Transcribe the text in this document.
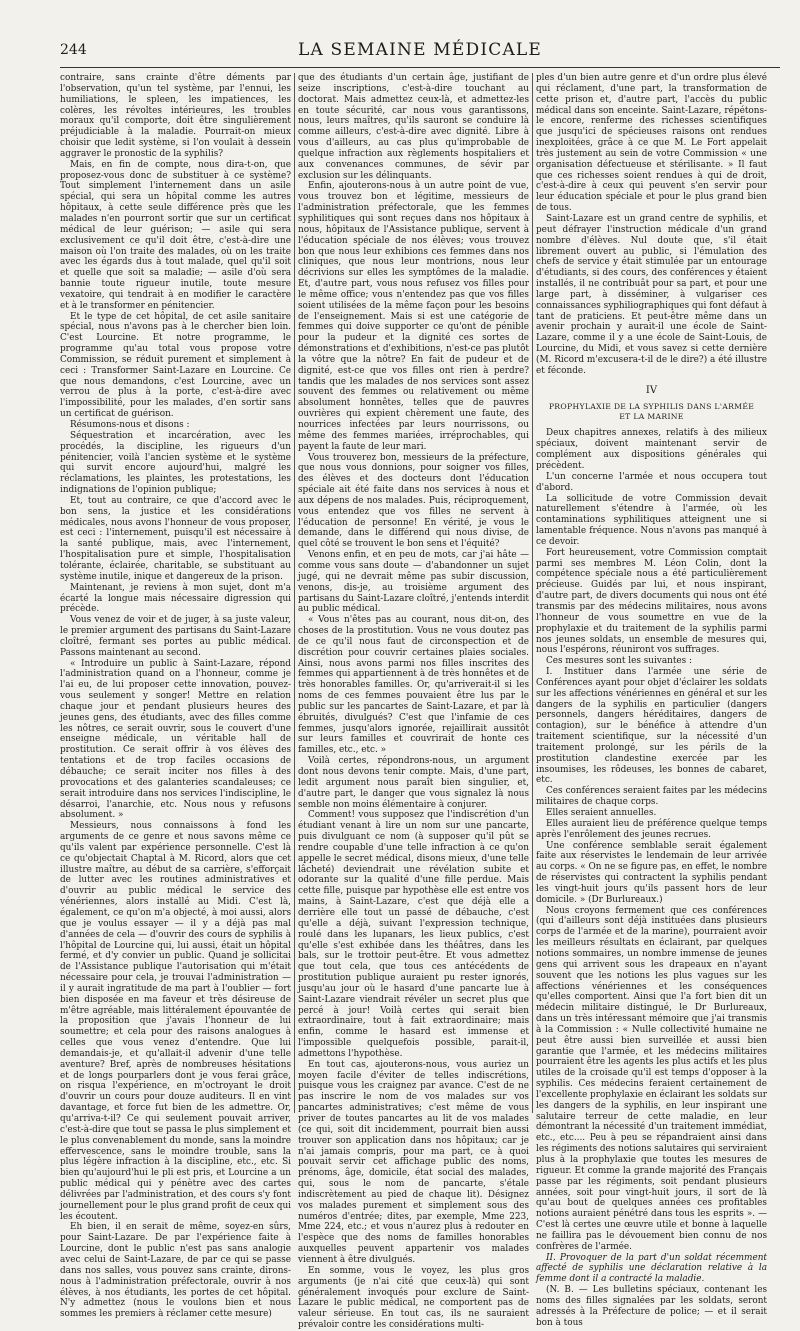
244	LA SEMAINE MÉDICALE

contraire, sans crainte d'être déments par l'observation, qu'un tel système, par l'ennui, les humiliations, le spleen, les impatiences, les colères, les révoltes intérieures, les troubles moraux qu'il comporte, doit être singulièrement préjudiciable à la maladie. Pourrait-on mieux choisir que ledit système, si l'on voulait à dessein aggraver le pronostic de la syphilis?

Mais, en fin de compte, nous dira-t-on, que proposez-vous donc de substituer à ce système? Tout simplement l'internement dans un asile spécial, qui sera un hôpital comme les autres hôpitaux, à cette seule différence près que les malades n'en pourront sortir que sur un certificat médical de leur guérison; — asile qui sera exclusivement ce qu'il doit être, c'est-à-dire une maison où l'on traite des malades, où on les traite avec les égards dus à tout malade, quel qu'il soit et quelle que soit sa maladie; — asile d'où sera bannie toute rigueur inutile, toute mesure vexatoire, qui tendrait à en modifier le caractère et à le transformer en pénitencier.

Et le type de cet hôpital, de cet asile sanitaire spécial, nous n'avons pas à le chercher bien loin. C'est Lourcine. Et notre programme, le programme qu'au total vous propose votre Commission, se réduit purement et simplement à ceci : Transformer Saint-Lazare en Lourcine. Ce que nous demandons, c'est Lourcine, avec un verrou de plus à la porte, c'est-à-dire avec l'impossibilité, pour les malades, d'en sortir sans un certificat de guérison.

Résumons-nous et disons :

Séquestration et incarcération, avec les procédés, la discipline, les rigueurs d'un pénitencier, voilà l'ancien système et le système qui survit encore aujourd'hui, malgré les réclamations, les plaintes, les protestations, les indignations de l'opinion publique;

Et, tout au contraire, ce que d'accord avec le bon sens, la justice et les considérations médicales, nous avons l'honneur de vous proposer, est ceci : l'internement, puisqu'il est nécessaire à la santé publique, mais, avec l'internement, l'hospitalisation pure et simple, l'hospitalisation tolérante, éclairée, charitable, se substituant au système inutile, inique et dangereux de la prison.

Maintenant, je reviens à mon sujet, dont m'a écarté la longue mais nécessaire digression qui précède.

Vous venez de voir et de juger, à sa juste valeur, le premier argument des partisans du Saint-Lazare cloîtré, fermant ses portes au public médical. Passons maintenant au second.

« Introduire un public à Saint-Lazare, répond l'administration quand on a l'honneur, comme je l'ai eu, de lui proposer cette innovation, pouvez-vous seulement y songer! Mettre en relation chaque jour et pendant plusieurs heures des jeunes gens, des étudiants, avec des filles comme les nôtres, ce serait ouvrir, sous le couvert d'une enseigne médicale, un véritable hall de prostitution. Ce serait offrir à vos élèves des tentations et de trop faciles occasions de débauche; ce serait inciter nos filles à des provocations et des galanteries scandaleuses; ce serait introduire dans nos services l'indiscipline, le désarroi, l'anarchie, etc. Nous nous y refusons absolument. »

Messieurs, nous connaissons à fond les arguments de ce genre et nous savons même ce qu'ils valent par expérience personnelle. C'est là ce qu'objectait Chaptal à M. Ricord, alors que cet illustre maître, au début de sa carrière, s'efforçait de lutter avec les routines administratives et d'ouvrir au public médical le service des vénériennes, alors installé au Midi. C'est là, également, ce qu'on m'a objecté, à moi aussi, alors que je voulus essayer — il y a déjà pas mal d'années de cela — d'ouvrir des cours de syphilis à l'hôpital de Lourcine qui, lui aussi, était un hôpital fermé, et d'y convier un public. Quand je sollicitai de l'Assistance publique l'autorisation qui m'était nécessaire pour cela, je trouvai l'administration — il y aurait ingratitude de ma part à l'oublier — fort bien disposée en ma faveur et très désireuse de m'être agréable, mais littéralement épouvantée de la proposition que j'avais l'honneur de lui soumettre; et cela pour des raisons analogues à celles que vous venez d'entendre. Que lui demandais-je, et qu'allait-il advenir d'une telle aventure? Bref, après de nombreuses hésitations et de longs pourparlers dont je vous ferai grâce, on risqua l'expérience, en m'octroyant le droit d'ouvrir un cours pour douze auditeurs. Il en vint davantage, et force fut bien de les admettre. Or, qu'arriva-t-il? Ce qui seulement pouvait arriver, c'est-à-dire que tout se passa le plus simplement et le plus convenablement du monde, sans la moindre effervescence, sans le moindre trouble, sans la plus légère infraction à la discipline, etc., etc. Si bien qu'aujourd'hui le pli est pris, et Lourcine a un public médical qui y pénètre avec des cartes délivrées par l'administration, et des cours s'y font journellement pour le plus grand profit de ceux qui les écoutent.

Eh bien, il en serait de même, soyez-en sûrs, pour Saint-Lazare. De par l'expérience faite à Lourcine, dont le public n'est pas sans analogie avec celui de Saint-Lazare, de par ce qui se passe dans nos salles, vous pouvez sans crainte, dirons-nous à l'administration préfectorale, ouvrir à nos élèves, à nos étudiants, les portes de cet hôpital. N'y admettez (nous le voulons bien et nous sommes les premiers à réclamer cette mesure)

que des étudiants d'un certain âge, justifiant de seize inscriptions, c'est-à-dire touchant au doctorat. Mais admettez ceux-là, et admettez-les en toute sécurité, car nous vous garantissons, nous, leurs maîtres, qu'ils sauront se conduire là comme ailleurs, c'est-à-dire avec dignité. Libre à vous d'ailleurs, au cas plus qu'improbable de quelque infraction aux règlements hospitaliers et aux convenances communes, de sévir par exclusion sur les délinquants.

Enfin, ajouterons-nous à un autre point de vue, vous trouvez bon et légitime, messieurs de l'administration préfectorale, que les femmes syphilitiques qui sont reçues dans nos hôpitaux à nous, hôpitaux de l'Assistance publique, servent à l'éducation spéciale de nos élèves; vous trouvez bon que nous leur exhibions ces femmes dans nos cliniques, que nous leur montrions, nous leur décrivions sur elles les symptômes de la maladie. Et, d'autre part, vous nous refusez vos filles pour le même office; vous n'entendez pas que vos filles soient utilisées de la même façon pour les besoins de l'enseignement. Mais si est une catégorie de femmes qui doive supporter ce qu'ont de pénible pour la pudeur et la dignité ces sortes de démonstrations et d'exhibitions, n'est-ce pas plutôt la vôtre que la nôtre? En fait de pudeur et de dignité, est-ce que vos filles ont rien à perdre? tandis que les malades de nos services sont assez souvent des femmes ou relativement ou même absolument honnêtes, telles que de pauvres ouvrières qui expient chèrement une faute, des nourrices infectées par leurs nourrissons, ou même des femmes mariées, irréprochables, qui payent la faute de leur mari.

Vous trouverez bon, messieurs de la préfecture, que nous vous donnions, pour soigner vos filles, des élèves et des docteurs dont l'éducation spéciale ait été faite dans nos services à nous et aux dépens de nos malades. Puis, réciproquement, vous entendez que vos filles ne servent à l'éducation de personne! En vérité, je vous le demande, dans le différend qui nous divise, de quel côté se trouvent le bon sens et l'équité?

Venons enfin, et en peu de mots, car j'ai hâte — comme vous sans doute — d'abandonner un sujet jugé, qui ne devrait même pas subir discussion, venons, dis-je, au troisième argument des partisans du Saint-Lazare cloîtré, j'entends interdit au public médical.

« Vous n'êtes pas au courant, nous dit-on, des choses de la prostitution. Vous ne vous doutez pas de ce qu'il nous faut de circonspection et de discrétion pour couvrir certaines plaies sociales. Ainsi, nous avons parmi nos filles inscrites des femmes qui appartiennent à de très honnêtes et de très honorables familles. Or, qu'arriverait-il si les noms de ces femmes pouvaient être lus par le public sur les pancartes de Saint-Lazare, et par là ébruités, divulgués? C'est que l'infamie de ces femmes, jusqu'alors ignorée, rejaillirait aussitôt sur leurs familles et couvrirait de honte ces familles, etc., etc. »

Voilà certes, répondrons-nous, un argument dont nous devons tenir compte. Mais, d'une part, ledit argument nous paraît bien singulier, et, d'autre part, le danger que vous signalez là nous semble non moins élémentaire à conjurer.

Comment! vous supposez que l'indiscrétion d'un étudiant venant à lire un nom sur une pancarte, puis divulguant ce nom (à supposer qu'il pût se rendre coupable d'une telle infraction à ce qu'on appelle le secret médical, disons mieux, d'une telle lâcheté) deviendrait une révélation subite et odorante sur la qualité d'une fille perdue. Mais cette fille, puisque par hypothèse elle est entre vos mains, à Saint-Lazare, c'est que déjà elle a derrière elle tout un passé de débauche, c'est qu'elle a déjà, suivant l'expression technique, roulé dans les lupanars, les lieux publics, c'est qu'elle s'est exhibée dans les théâtres, dans les bals, sur le trottoir peut-être. Et vous admettez que tout cela, que tous ces antécédents de prostitution publique auraient pu rester ignorés, jusqu'au jour où le hasard d'une pancarte lue à Saint-Lazare viendrait révéler un secret plus que percé à jour! Voilà certes qui serait bien extraordinaire, tout à fait extraordinaire; mais enfin, comme le hasard est immense et l'impossible quelquefois possible, parait-il, admettons l'hypothèse.

En tout cas, ajouterons-nous, vous auriez un moyen facile d'éviter de telles indiscrétions, puisque vous les craignez par avance. C'est de ne pas inscrire le nom de vos malades sur vos pancartes administratives; c'est même de vous priver de toutes pancartes au lit de vos malades (ce qui, soit dit incidemment, pourrait bien aussi trouver son application dans nos hôpitaux; car je n'ai jamais compris, pour ma part, ce à quoi pouvait servir cet affichage public des noms, prénoms, âge, domicile, état social des malades, qui, sous le nom de pancarte, s'étale indiscrètement au pied de chaque lit). Désignez vos malades purement et simplement sous des numéros d'entrée; dites, par exemple, Mme 223, Mme 224, etc.; et vous n'aurez plus à redouter en l'espèce que des noms de familles honorables auxquelles peuvent appartenir vos malades viennent à être divulgués.

En somme, vous le voyez, les plus gros arguments (je n'ai cité que ceux-là) qui sont généralement invoqués pour exclure de Saint-Lazare le public médical, ne comportent pas de valeur sérieuse. En tout cas, ils ne sauraient prévaloir contre les considérations multi-

ples d'un bien autre genre et d'un ordre plus élevé qui réclament, d'une part, la transformation de cette prison et, d'autre part, l'accès du public médical dans son enceinte. Saint-Lazare, répétons-le encore, renferme des richesses scientifiques que jusqu'ici de spécieuses raisons ont rendues inexploitées, grâce à ce que M. Le Fort appelait très justement au sein de votre Commission « une organisation défectueuse et stérilisante. » Il faut que ces richesses soient rendues à qui de droit, c'est-à-dire à ceux qui peuvent s'en servir pour leur éducation spéciale et pour le plus grand bien de tous.

Saint-Lazare est un grand centre de syphilis, et peut défrayer l'instruction médicale d'un grand nombre d'élèves. Nul doute que, s'il était librement ouvert au public, si l'émulation des chefs de service y était stimulée par un entourage d'étudiants, si des cours, des conférences y étaient installés, il ne contribuât pour sa part, et pour une large part, à disséminer, à vulgariser ces connaissances syphiliographiques qui font défaut à tant de praticiens. Et peut-être même dans un avenir prochain y aurait-il une école de Saint-Lazare, comme il y a une école de Saint-Louis, de Lourcine, du Midi, et vous savez si cette dernière (M. Ricord m'excusera-t-il de le dire?) a été illustre et féconde.

IV
PROPHYLAXIE DE LA SYPHILIS DANS L'ARMÉE
ET LA MARINE

Deux chapitres annexes, relatifs à des milieux spéciaux, doivent maintenant servir de complément aux dispositions générales qui précèdent.

L'un concerne l'armée et nous occupera tout d'abord.

La sollicitude de votre Commission devait naturellement s'étendre à l'armée, où les contaminations syphilitiques atteignent une si lamentable fréquence. Nous n'avons pas manqué à ce devoir.

Fort heureusement, votre Commission comptait parmi ses membres M. Léon Colin, dont la compétence spéciale nous a été particulièrement précieuse. Guidés par lui, et nous inspirant, d'autre part, de divers documents qui nous ont été transmis par des médecins militaires, nous avons l'honneur de vous soumettre en vue de la prophylaxie et du traitement de la syphilis parmi nos jeunes soldats, un ensemble de mesures qui, nous l'espérons, réuniront vos suffrages.

Ces mesures sont les suivantes :

I. Instituer dans l'armée une série de Conférences ayant pour objet d'éclairer les soldats sur les affections vénériennes en général et sur les dangers de la syphilis en particulier (dangers personnels, dangers héréditaires, dangers de contagion), sur le bénéfice à attendre d'un traitement scientifique, sur la nécessité d'un traitement prolongé, sur les périls de la prostitution clandestine exercée par les insoumises, les rôdeuses, les bonnes de cabaret, etc.

Ces conférences seraient faites par les médecins militaires de chaque corps.

Elles seraient annuelles.

Elles auraient lieu de préférence quelque temps après l'enrôlement des jeunes recrues.

Une conférence semblable serait également faite aux réservistes le lendemain de leur arrivée au corps. « On ne se figure pas, en effet, le nombre de réservistes qui contractent la syphilis pendant les vingt-huit jours qu'ils passent hors de leur domicile. » (Dr Burlureaux.)

Nous croyons fermement que ces conférences (qui d'ailleurs sont déjà instituées dans plusieurs corps de l'armée et de la marine), pourraient avoir les meilleurs résultats en éclairant, par quelques notions sommaires, un nombre immense de jeunes gens qui arrivent sous les drapeaux en n'ayant souvent que les notions les plus vagues sur les affections vénériennes et les conséquences qu'elles comportent. Ainsi que l'a fort bien dit un médecin militaire distingué, le Dr Burlureaux, dans un très intéressant mémoire que j'ai transmis à la Commission : « Nulle collectivité humaine ne peut être aussi bien surveillée et aussi bien garantie que l'armée, et les médecins militaires pourraient être les agents les plus actifs et les plus utiles de la croisade qu'il est temps d'opposer à la syphilis. Ces médecins feraient certainement de l'excellente prophylaxie en éclairant les soldats sur les dangers de la syphilis, en leur inspirant une salutaire terreur de cette maladie, en leur démontrant la nécessité d'un traitement immédiat, etc., etc.... Peu à peu se répandraient ainsi dans les régiments des notions salutaires qui serviraient plus à la prophylaxie que toutes les mesures de rigueur. Et comme la grande majorité des Français passe par les régiments, soit pendant plusieurs années, soit pour vingt-huit jours, il sort de là qu'au bout de quelques années ces profitables notions auraient pénétré dans tous les esprits ». — C'est là certes une œuvre utile et bonne à laquelle ne faillira pas le dévouement bien connu de nos confrères de l'armée.

II. Provoquer de la part d'un soldat récemment affecté de syphilis une déclaration relative à la femme dont il a contracté la maladie.

(N. B. — Les bulletins spéciaux, contenant les noms des filles signalées par les soldats, seront adressés à la Préfecture de police; — et il serait bon à tous
